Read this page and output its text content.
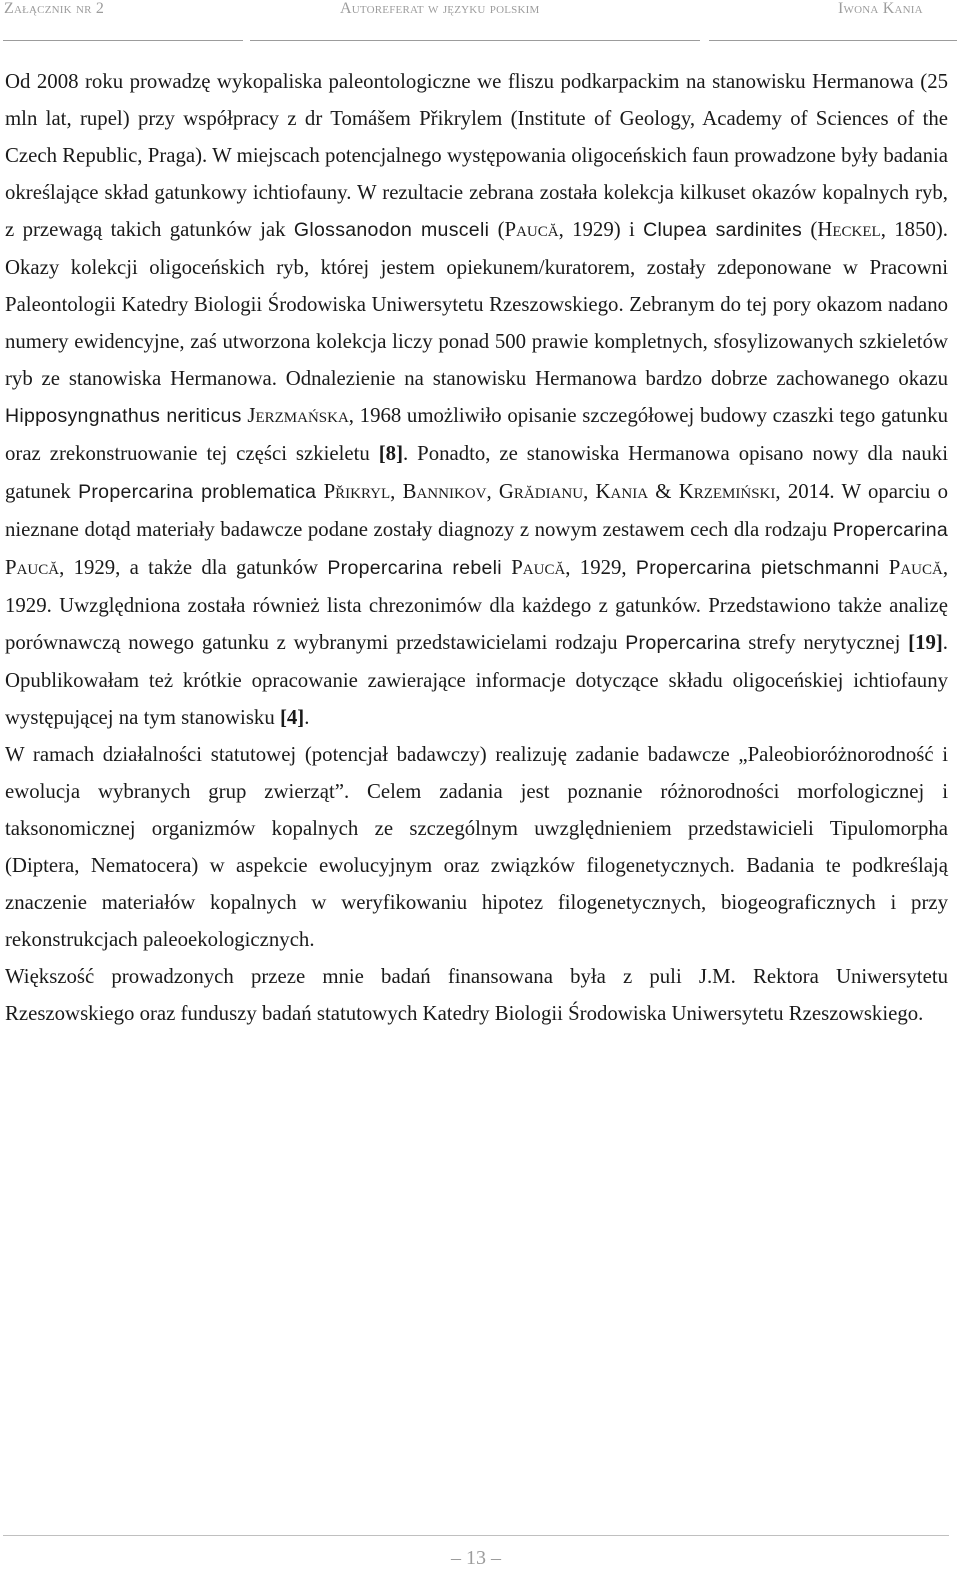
Załącznik nr 2	Autoreferat w języku polskim	Iwona Kania

Od 2008 roku prowadzę wykopaliska paleontologiczne we fliszu podkarpackim na stanowisku Hermanowa (25 mln lat, rupel) przy współpracy z dr Tomášem Přikrylem (Institute of Geology, Academy of Sciences of the Czech Republic, Praga). W miejscach potencjalnego występowania oligoceńskich faun prowadzone były badania określające skład gatunkowy ichtiofauny. W rezultacie zebrana została kolekcja kilkuset okazów kopalnych ryb, z przewagą takich gatunków jak Glossanodon musceli (Paucă, 1929) i Clupea sardinites (Heckel, 1850). Okazy kolekcji oligoceńskich ryb, której jestem opiekunem/kuratorem, zostały zdeponowane w Pracowni Paleontologii Katedry Biologii Środowiska Uniwersytetu Rzeszowskiego. Zebranym do tej pory okazom nadano numery ewidencyjne, zaś utworzona kolekcja liczy ponad 500 prawie kompletnych, sfosylizowanych szkieletów ryb ze stanowiska Hermanowa. Odnalezienie na stanowisku Hermanowa bardzo dobrze zachowanego okazu Hipposyngnathus neriticus Jerzmańska, 1968 umożliwiło opisanie szczegółowej budowy czaszki tego gatunku oraz zrekonstruowanie tej części szkieletu [8]. Ponadto, ze stanowiska Hermanowa opisano nowy dla nauki gatunek Propercarina problematica Přikryl, Bannikov, Grădianu, Kania & Krzemiński, 2014. W oparciu o nieznane dotąd materiały badawcze podane zostały diagnozy z nowym zestawem cech dla rodzaju Propercarina Paucă, 1929, a także dla gatunków Propercarina rebeli Paucă, 1929, Propercarina pietschmanni Paucă, 1929. Uwzględniona została również lista chrezonimów dla każdego z gatunków. Przedstawiono także analizę porównawczą nowego gatunku z wybranymi przedstawicielami rodzaju Propercarina strefy nerytycznej [19]. Opublikowałam też krótkie opracowanie zawierające informacje dotyczące składu oligoceńskiej ichtiofauny występującej na tym stanowisku [4].

W ramach działalności statutowej (potencjał badawczy) realizuję zadanie badawcze „Paleobioróżnorodność i ewolucja wybranych grup zwierząt”. Celem zadania jest poznanie różnorodności morfologicznej i taksonomicznej organizmów kopalnych ze szczególnym uwzględnieniem przedstawicieli Tipulomorpha (Diptera, Nematocera) w aspekcie ewolucyjnym oraz związków filogenetycznych. Badania te podkreślają znaczenie materiałów kopalnych w weryfikowaniu hipotez filogenetycznych, biogeograficznych i przy rekonstrukcjach paleoekologicznych.

Większość prowadzonych przeze mnie badań finansowana była z puli J.M. Rektora Uniwersytetu Rzeszowskiego oraz funduszy badań statutowych Katedry Biologii Środowiska Uniwersytetu Rzeszowskiego.

– 13 –
